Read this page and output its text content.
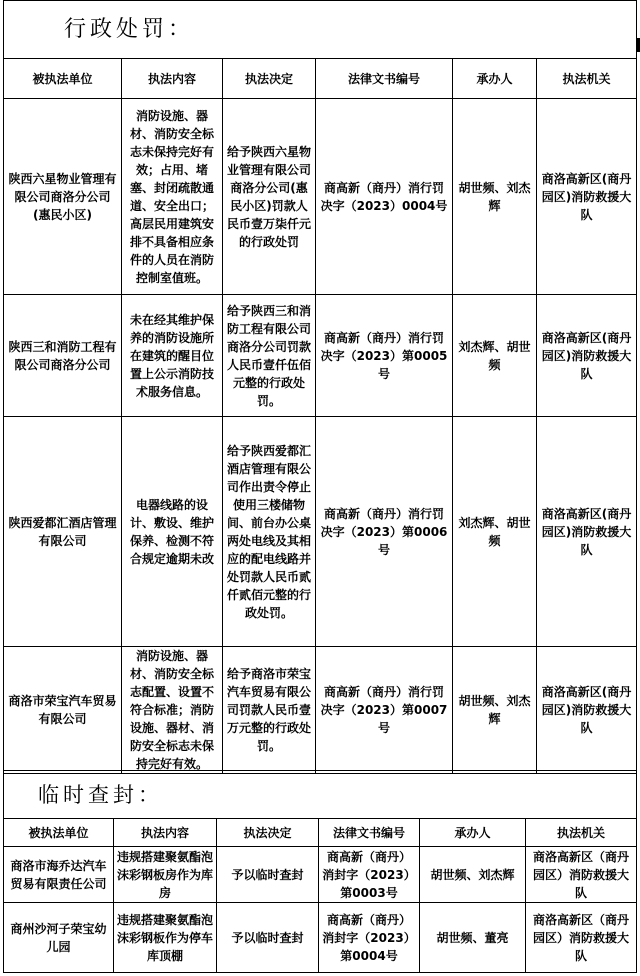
行政处罚：					
被执法单位	执法内容	执法决定	法律文书编号	承办人	执法机关
陕西六星物业管理有限公司商洛分公司(惠民小区)	消防设施、器材、消防安全标志未保持完好有效；占用、堵塞、封闭疏散通道、安全出口；高层民用建筑安排不具备相应条件的人员在消防控制室值班。	给予陕西六星物业管理有限公司商洛分公司(惠民小区)罚款人民币壹万柒仟元的行政处罚	商高新（商丹）消行罚决字（2023）0004号	胡世频、刘杰辉	商洛高新区(商丹园区)消防救援大队
陕西三和消防工程有限公司商洛分公司	未在经其维护保养的消防设施所在建筑的醒目位置上公示消防技术服务信息。	给予陕西三和消防工程有限公司商洛分公司罚款人民币壹仟伍佰元整的行政处罚。	商高新（商丹）消行罚决字（2023）第0005号	刘杰辉、胡世频	商洛高新区(商丹园区)消防救援大队
陕西爱都汇酒店管理有限公司	电器线路的设计、敷设、维护保养、检测不符合规定逾期未改	给予陕西爱都汇酒店管理有限公司作出责令停止使用三楼储物间、前台办公桌两处电线及其相应的配电线路并处罚款人民币贰仟贰佰元整的行政处罚。	商高新（商丹）消行罚决字（2023）第0006号	刘杰辉、胡世频	商洛高新区(商丹园区)消防救援大队
商洛市荣宝汽车贸易有限公司	消防设施、器材、消防安全标志配置、设置不符合标准；消防设施、器材、消防安全标志未保持完好有效。	给予商洛市荣宝汽车贸易有限公司罚款人民币壹万元整的行政处罚。	商高新（商丹）消行罚决字（2023）第0007号	胡世频、刘杰辉	商洛高新区(商丹园区)消防救援大队
临时查封：					
被执法单位	执法内容	执法决定	法律文书编号	承办人	执法机关
商洛市海乔达汽车贸易有限责任公司	违规搭建聚氨酯泡沫彩钢板房作为库房	予以临时查封	商高新（商丹）消封字（2023）第0003号	胡世频、刘杰辉	商洛高新区（商丹园区）消防救援大队
商州沙河子荣宝幼儿园	违规搭建聚氨酯泡沫彩钢板作为停车库顶棚	予以临时查封	商高新（商丹）消封字（2023）第0004号	胡世频、董亮	商洛高新区（商丹园区）消防救援大队
